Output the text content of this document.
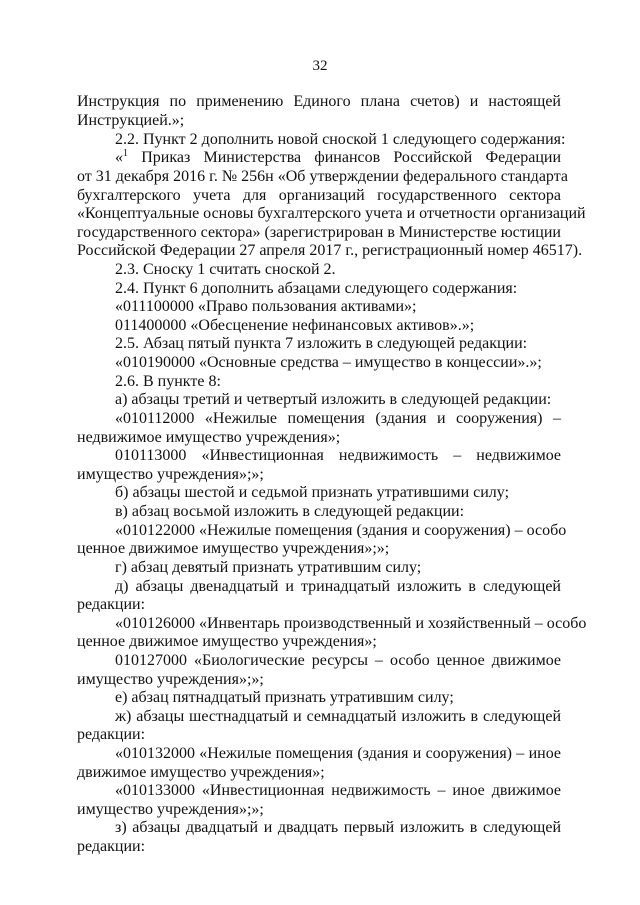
32
Инструкция по применению Единого плана счетов) и настоящей
Инструкцией.»;
2.2. Пункт 2 дополнить новой сноской 1 следующего содержания:
«$^1$ Приказ Министерства финансов Российской Федерации
от 31 декабря 2016 г. № 256н «Об утверждении федерального стандарта
бухгалтерского учета для организаций государственного сектора
«Концептуальные основы бухгалтерского учета и отчетности организаций
государственного сектора» (зарегистрирован в Министерстве юстиции
Российской Федерации 27 апреля 2017 г., регистрационный номер 46517).
2.3. Сноску 1 считать сноской 2.
2.4. Пункт 6 дополнить абзацами следующего содержания:
«011100000 «Право пользования активами»;
011400000 «Обесценение нефинансовых активов».»;
2.5. Абзац пятый пункта 7 изложить в следующей редакции:
«010190000 «Основные средства – имущество в концессии».»;
2.6. В пункте 8:
а) абзацы третий и четвертый изложить в следующей редакции:
«010112000 «Нежилые помещения (здания и сооружения) –
недвижимое имущество учреждения»;
010113000 «Инвестиционная недвижимость – недвижимое
имущество учреждения»;»;
б) абзацы шестой и седьмой признать утратившими силу;
в) абзац восьмой изложить в следующей редакции:
«010122000 «Нежилые помещения (здания и сооружения) – особо
ценное движимое имущество учреждения»;»;
г) абзац девятый признать утратившим силу;
д) абзацы двенадцатый и тринадцатый изложить в следующей
редакции:
«010126000 «Инвентарь производственный и хозяйственный – особо
ценное движимое имущество учреждения»;
010127000 «Биологические ресурсы – особо ценное движимое
имущество учреждения»;»;
е) абзац пятнадцатый признать утратившим силу;
ж) абзацы шестнадцатый и семнадцатый изложить в следующей
редакции:
«010132000 «Нежилые помещения (здания и сооружения) – иное
движимое имущество учреждения»;
«010133000 «Инвестиционная недвижимость – иное движимое
имущество учреждения»;»;
з) абзацы двадцатый и двадцать первый изложить в следующей
редакции:
